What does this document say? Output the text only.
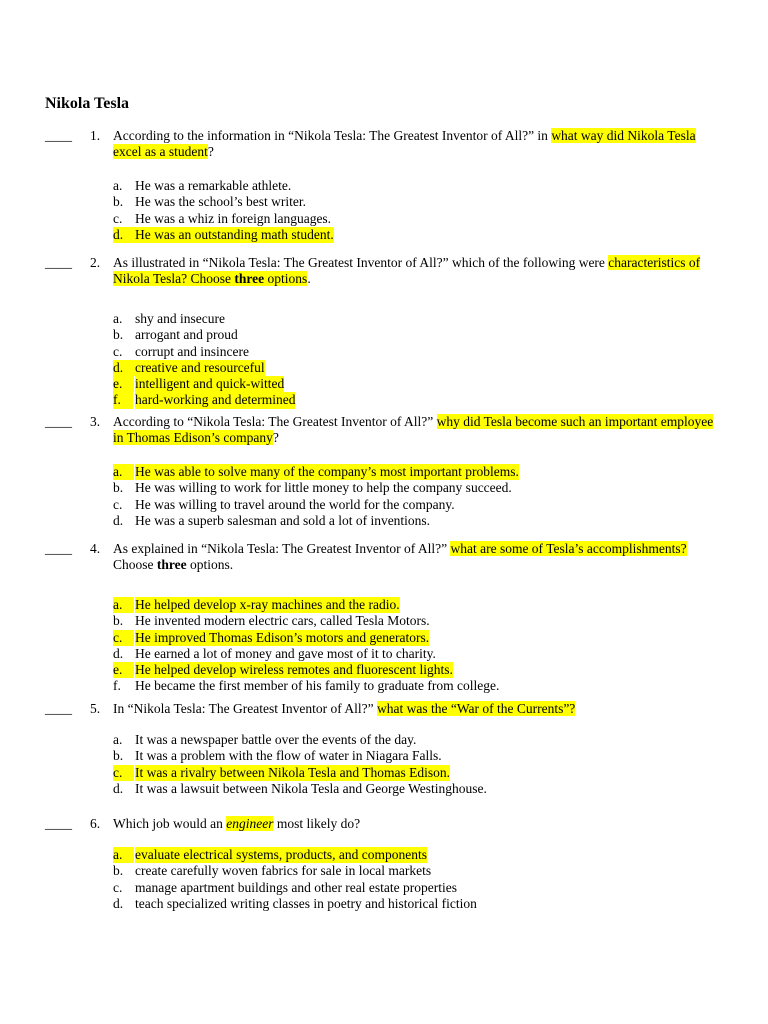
Nikola Tesla
____ 1. According to the information in “Nikola Tesla: The Greatest Inventor of All?” in what way did Nikola Tesla excel as a student?
a. He was a remarkable athlete.
b. He was the school’s best writer.
c. He was a whiz in foreign languages.
d. He was an outstanding math student.
____ 2. As illustrated in “Nikola Tesla: The Greatest Inventor of All?” which of the following were characteristics of Nikola Tesla? Choose three options.
a. shy and insecure
b. arrogant and proud
c. corrupt and insincere
d. creative and resourceful
e. intelligent and quick-witted
f.	hard-working and determined
____ 3. According to “Nikola Tesla: The Greatest Inventor of All?” why did Tesla become such an important employee in Thomas Edison’s company?
a. He was able to solve many of the company’s most important problems.
b. He was willing to work for little money to help the company succeed.
c. He was willing to travel around the world for the company.
d. He was a superb salesman and sold a lot of inventions.
____ 4. As explained in “Nikola Tesla: The Greatest Inventor of All?” what are some of Tesla’s accomplishments? Choose three options.
a. He helped develop x-ray machines and the radio.
b. He invented modern electric cars, called Tesla Motors.
c. He improved Thomas Edison’s motors and generators.
d. He earned a lot of money and gave most of it to charity.
e. He helped develop wireless remotes and fluorescent lights.
f. He became the first member of his family to graduate from college.
____ 5. In “Nikola Tesla: The Greatest Inventor of All?” what was the “War of the Currents”?
a. It was a newspaper battle over the events of the day.
b. It was a problem with the flow of water in Niagara Falls.
c. It was a rivalry between Nikola Tesla and Thomas Edison.
d. It was a lawsuit between Nikola Tesla and George Westinghouse.
____ 6. Which job would an engineer most likely do?
a. evaluate electrical systems, products, and components
b. create carefully woven fabrics for sale in local markets
c. manage apartment buildings and other real estate properties
d. teach specialized writing classes in poetry and historical fiction
